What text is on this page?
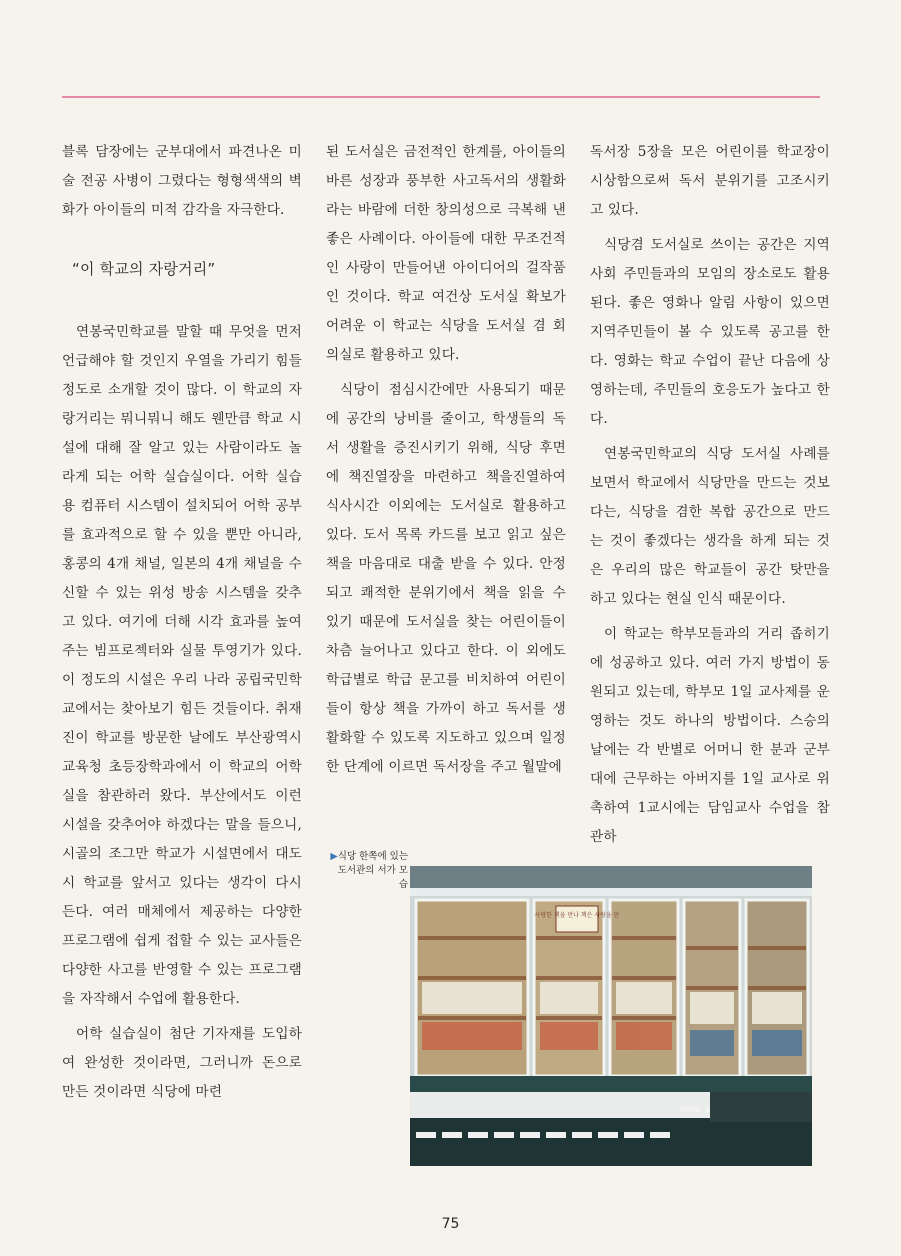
블록 담장에는 군부대에서 파견나온 미술 전공 사병이 그렸다는 형형색색의 벽화가 아이들의 미적 감각을 자극한다.

“이 학교의 자랑거리”

연봉국민학교를 말할 때 무엇을 먼저 언급해야 할 것인지 우열을 가리기 힘들 정도로 소개할 것이 많다. 이 학교의 자랑거리는 뭐니뭐니 해도 웬만큼 학교 시설에 대해 잘 알고 있는 사람이라도 놀라게 되는 어학 실습실이다. 어학 실습용 컴퓨터 시스템이 설치되어 어학 공부를 효과적으로 할 수 있을 뿐만 아니라, 홍콩의 4개 채널, 일본의 4개 채널을 수신할 수 있는 위성 방송 시스템을 갖추고 있다. 여기에 더해 시각 효과를 높여주는 빔프로젝터와 실물 투영기가 있다. 이 정도의 시설은 우리 나라 공립국민학교에서는 찾아보기 힘든 것들이다. 취재진이 학교를 방문한 날에도 부산광역시 교육청 초등장학과에서 이 학교의 어학실을 참관하러 왔다. 부산에서도 이런 시설을 갖추어야 하겠다는 말을 들으니, 시골의 조그만 학교가 시설면에서 대도시 학교를 앞서고 있다는 생각이 다시 든다. 여러 매체에서 제공하는 다양한 프로그램에 쉽게 접할 수 있는 교사들은 다양한 사고를 반영할 수 있는 프로그램을 자작해서 수업에 활용한다.

어학 실습실이 첨단 기자재를 도입하여 완성한 것이라면, 그러니까 돈으로 만든 것이라면 식당에 마련

된 도서실은 금전적인 한계를, 아이들의 바른 성장과 풍부한 사고독서의 생활화라는 바람에 더한 창의성으로 극복해 낸 좋은 사례이다. 아이들에 대한 무조건적인 사랑이 만들어낸 아이디어의 걸작품인 것이다. 학교 여건상 도서실 확보가 어려운 이 학교는 식당을 도서실 겸 회의실로 활용하고 있다.

식당이 점심시간에만 사용되기 때문에 공간의 낭비를 줄이고, 학생들의 독서 생활을 증진시키기 위해, 식당 후면에 책진열장을 마련하고 책을진열하여 식사시간 이외에는 도서실로 활용하고 있다. 도서 목록 카드를 보고 읽고 싶은 책을 마음대로 대출 받을 수 있다. 안정되고 쾌적한 분위기에서 책을 읽을 수 있기 때문에 도서실을 찾는 어린이들이 차츰 늘어나고 있다고 한다. 이 외에도 학급별로 학급 문고를 비치하여 어린이들이 항상 책을 가까이 하고 독서를 생활화할 수 있도록 지도하고 있으며 일정한 단계에 이르면 독서장을 주고 월말에

독서장 5장을 모은 어린이를 학교장이 시상함으로써 독서 분위기를 고조시키고 있다.

식당겸 도서실로 쓰이는 공간은 지역 사회 주민들과의 모임의 장소로도 활용된다. 좋은 영화나 알림 사항이 있으면 지역주민들이 볼 수 있도록 공고를 한다. 영화는 학교 수업이 끝난 다음에 상영하는데, 주민들의 호응도가 높다고 한다.

연봉국민학교의 식당 도서실 사례를 보면서 학교에서 식당만을 만드는 것보다는, 식당을 겸한 복합 공간으로 만드는 것이 좋겠다는 생각을 하게 되는 것은 우리의 많은 학교들이 공간 탓만을 하고 있다는 현실 인식 때문이다.

이 학교는 학부모들과의 거리 좁히기에 성공하고 있다. 여러 가지 방법이 동원되고 있는데, 학부모 1일 교사제를 운영하는 것도 하나의 방법이다. 스승의 날에는 각 반별로 어머니 한 분과 군부대에 근무하는 아버지를 1일 교사로 위촉하여 1교시에는 담임교사 수업을 참관하

▶식당 한쪽에 있는 도서관의 서가 모습
사랑한 책을 만나 책은 사람을 만
75
